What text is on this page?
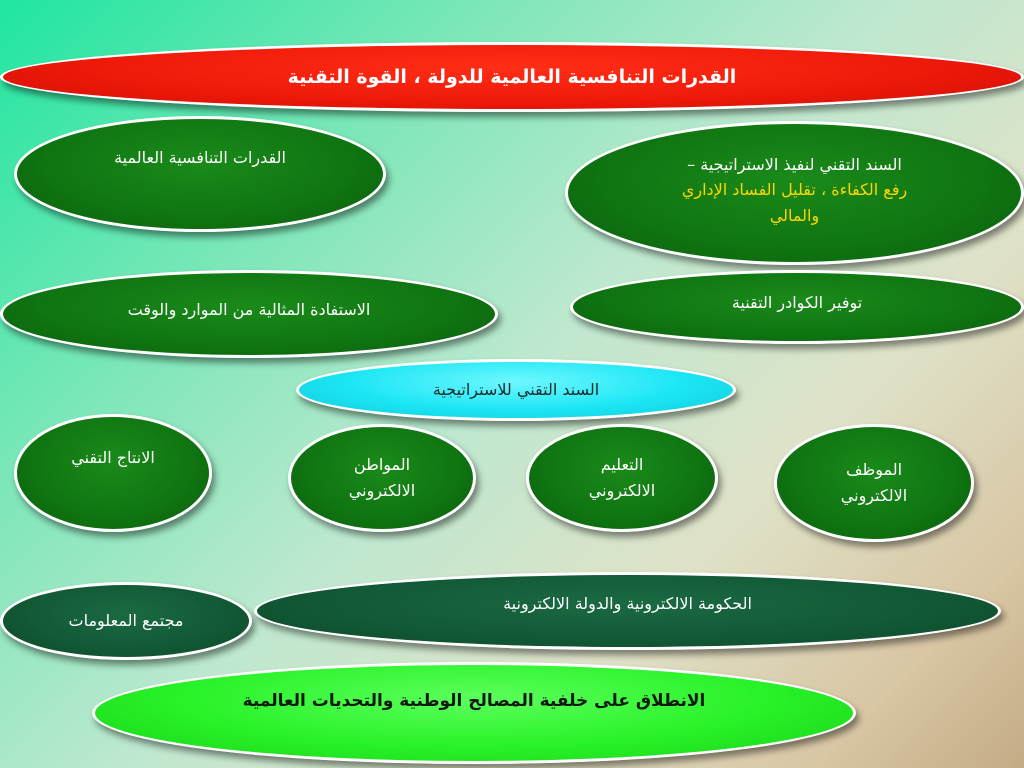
القدرات التنافسية العالمية للدولة ، القوة التقنية
القدرات التنافسية العالمية	السند التقني لنفيذ الاستراتيجية –
رفع الكفاءة ، تقليل الفساد الإداري
والمالي
الاستفادة المثالية من الموارد والوقت	توفير الكوادر التقنية
السند التقني للاستراتيجية
الانتاج التقني	المواطن
الالكتروني
التعليم
الالكتروني
الموظف
الالكتروني
مجتمع المعلومات
الحكومة الالكترونية والدولة الالكترونية
الانطلاق على خلفية المصالح الوطنية والتحديات العالمية
